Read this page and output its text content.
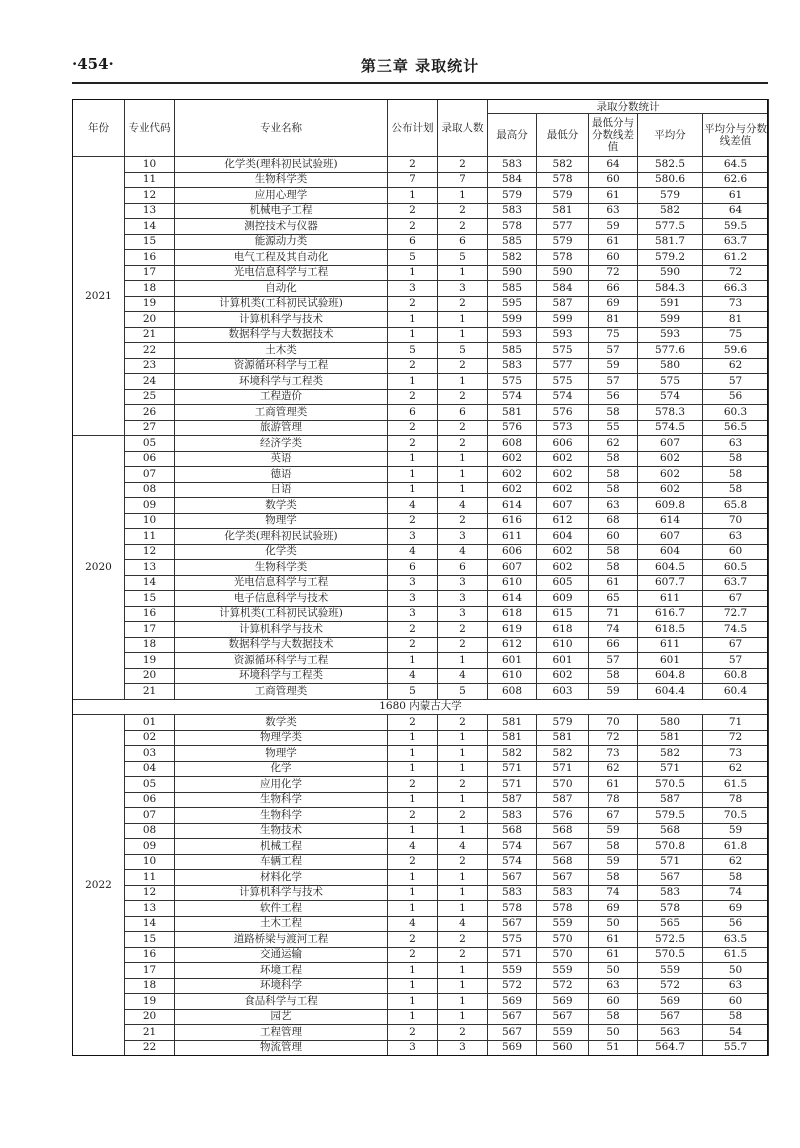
·454·	第三章 录取统计
年份	专业代码	专业名称	公布计划	录取人数	录取分数统计				
					最高分	最低分	最低分与分数线差值	平均分	平均分与分数线差值
2021	10	化学类(理科初民试验班)	2	2	583	582	64	582.5	64.5
	11	生物科学类	7	7	584	578	60	580.6	62.6
	12	应用心理学	1	1	579	579	61	579	61
	13	机械电子工程	2	2	583	581	63	582	64
	14	测控技术与仪器	2	2	578	577	59	577.5	59.5
	15	能源动力类	6	6	585	579	61	581.7	63.7
	16	电气工程及其自动化	5	5	582	578	60	579.2	61.2
	17	光电信息科学与工程	1	1	590	590	72	590	72
	18	自动化	3	3	585	584	66	584.3	66.3
	19	计算机类(工科初民试验班)	2	2	595	587	69	591	73
	20	计算机科学与技术	1	1	599	599	81	599	81
	21	数据科学与大数据技术	1	1	593	593	75	593	75
	22	土木类	5	5	585	575	57	577.6	59.6
	23	资源循环科学与工程	2	2	583	577	59	580	62
	24	环境科学与工程类	1	1	575	575	57	575	57
	25	工程造价	2	2	574	574	56	574	56
	26	工商管理类	6	6	581	576	58	578.3	60.3
	27	旅游管理	2	2	576	573	55	574.5	56.5
2020	05	经济学类	2	2	608	606	62	607	63
	06	英语	1	1	602	602	58	602	58
	07	德语	1	1	602	602	58	602	58
	08	日语	1	1	602	602	58	602	58
	09	数学类	4	4	614	607	63	609.8	65.8
	10	物理学	2	2	616	612	68	614	70
	11	化学类(理科初民试验班)	3	3	611	604	60	607	63
	12	化学类	4	4	606	602	58	604	60
	13	生物科学类	6	6	607	602	58	604.5	60.5
	14	光电信息科学与工程	3	3	610	605	61	607.7	63.7
	15	电子信息科学与技术	3	3	614	609	65	611	67
	16	计算机类(工科初民试验班)	3	3	618	615	71	616.7	72.7
	17	计算机科学与技术	2	2	619	618	74	618.5	74.5
	18	数据科学与大数据技术	2	2	612	610	66	611	67
	19	资源循环科学与工程	1	1	601	601	57	601	57
	20	环境科学与工程类	4	4	610	602	58	604.8	60.8
	21	工商管理类	5	5	608	603	59	604.4	60.4
1680 内蒙古大学									
2022	01	数学类	2	2	581	579	70	580	71
	02	物理学类	1	1	581	581	72	581	72
	03	物理学	1	1	582	582	73	582	73
	04	化学	1	1	571	571	62	571	62
	05	应用化学	2	2	571	570	61	570.5	61.5
	06	生物科学	1	1	587	587	78	587	78
	07	生物科学	2	2	583	576	67	579.5	70.5
	08	生物技术	1	1	568	568	59	568	59
	09	机械工程	4	4	574	567	58	570.8	61.8
	10	车辆工程	2	2	574	568	59	571	62
	11	材料化学	1	1	567	567	58	567	58
	12	计算机科学与技术	1	1	583	583	74	583	74
	13	软件工程	1	1	578	578	69	578	69
	14	土木工程	4	4	567	559	50	565	56
	15	道路桥梁与渡河工程	2	2	575	570	61	572.5	63.5
	16	交通运输	2	2	571	570	61	570.5	61.5
	17	环境工程	1	1	559	559	50	559	50
	18	环境科学	1	1	572	572	63	572	63
	19	食品科学与工程	1	1	569	569	60	569	60
	20	园艺	1	1	567	567	58	567	58
	21	工程管理	2	2	567	559	50	563	54
	22	物流管理	3	3	569	560	51	564.7	55.7
